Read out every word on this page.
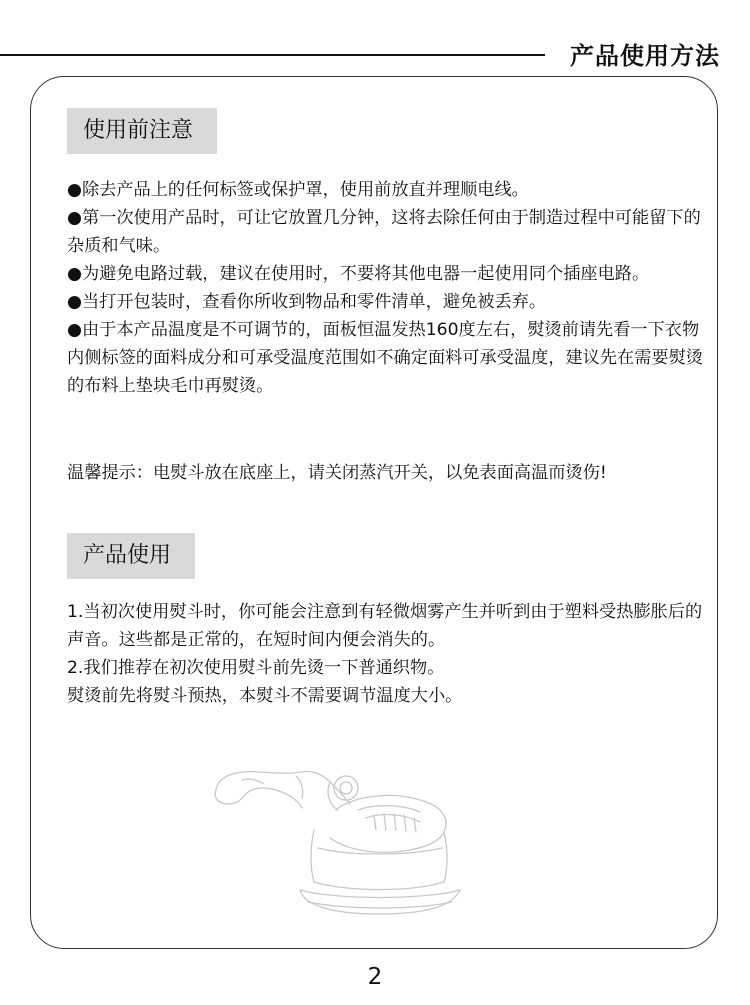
产品使用方法
使用前注意

●除去产品上的任何标签或保护罩，使用前放直并理顺电线。

●第一次使用产品时，可让它放置几分钟，这将去除任何由于制造过程中可能留下的杂质和气味。

●为避免电路过载，建议在使用时，不要将其他电器一起使用同个插座电路。

●当打开包装时，查看你所收到物品和零件清单，避免被丢弃。

●由于本产品温度是不可调节的，面板恒温发热160度左右，熨烫前请先看一下衣物内侧标签的面料成分和可承受温度范围如不确定面料可承受温度，建议先在需要熨烫的布料上垫块毛巾再熨烫。

温馨提示：电熨斗放在底座上，请关闭蒸汽开关，以免表面高温而烫伤!

产品使用

1.当初次使用熨斗时，你可能会注意到有轻微烟雾产生并听到由于塑料受热膨胀后的声音。这些都是正常的，在短时间内便会消失的。

2.我们推荐在初次使用熨斗前先烫一下普通织物。

熨烫前先将熨斗预热，本熨斗不需要调节温度大小。

2
